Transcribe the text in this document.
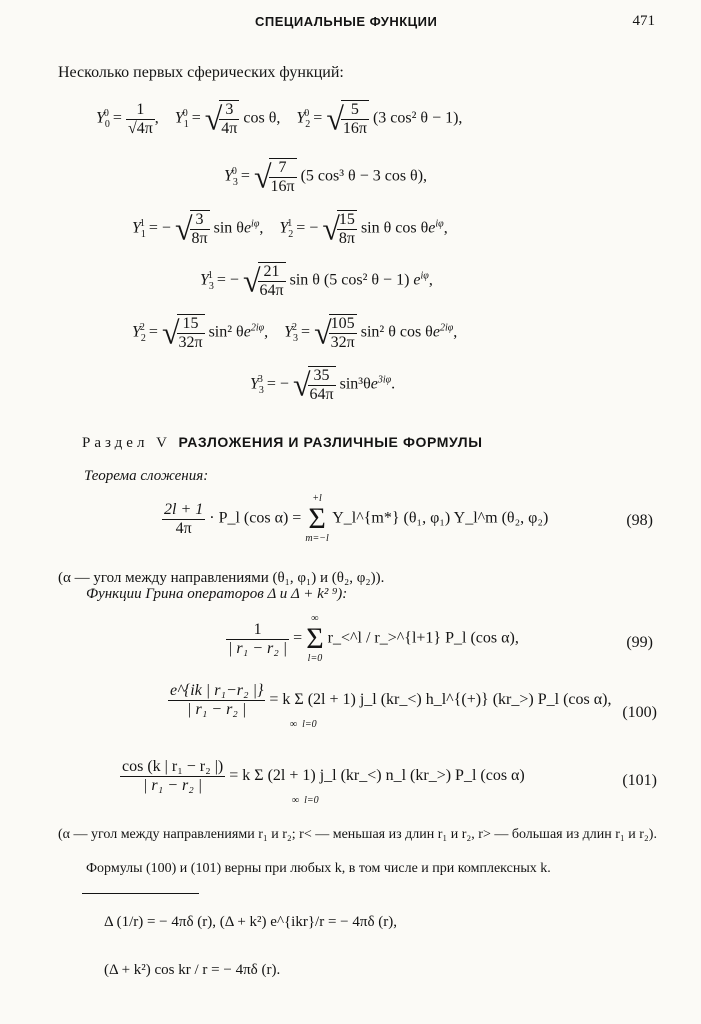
СПЕЦИАЛЬНЫЕ ФУНКЦИИ	471
Несколько первых сферических функций:
$Y_0^0 = \frac{1}{√4\pi}$ ,    $Y_1^0$ = √
$\frac{3}{4\pi}$ cos θ,    $Y_2^0$ = √
$\frac{5}{16\pi} (3$ cos² θ − 1),
$Y_3^0$ = √
$\frac{7}{16\pi} (5$ cos³ θ − 3 cos θ),
$Y_1^1$ = − √
$\frac{3}{8\pi}$ $\sin \theta e^{i\varphi}$,    $Y_2^1$ = − √
$\frac{15}{8\pi}$ sin θ $\cos \theta e^{i\varphi}$,
$Y_3^1$ = − √
$\frac{21}{64\pi}$ sin θ (5 cos² θ − 1) $e^{i\varphi}$,
$Y_2^2$ = √
$\frac{15}{32\pi} \sin^2$ $\theta e^{2i\varphi}$,    $Y_3^2$ = √
$\frac{105}{32\pi} \sin^2$ θ $\cos \theta e^{2i\varphi}$,
$Y_3^3$ = − √
$\frac{35}{64\pi} \sin^3\theta e^{3i\varphi}$.
Раздел V РАЗЛОЖЕНИЯ И РАЗЛИЧНЫЕ ФОРМУЛЫ
Теорема сложения:
$\frac{2l + 1}{4\pi}$ · P_l (cos α) =
+l
Σ
m=−l
Y_l^{m*} (θ₁, φ₁) Y_l^m (θ₂, φ₂)	(98)
(α — угол между направлениями (θ₁, φ₁) и (θ₂, φ₂)).
Функции Грина операторов Δ и Δ + k² ⁹):
$\frac{1}{\text{| r₁ − r₂ |}}$ =
∞
Σ
l=0
r_<^l / r_>^{l+1} P_l (cos α),	(99)
$\frac{\text{e\textasciicircum{}\{ik | r₁−r₂ |\}}}{\text{| r₁ − r₂ |}} = k$ Σ (2l + 1) j_l (kr_<) h_l^{(+)} (kr_>) P_l (cos α),
∞ l=0
(100)
$\frac{\text{cos (k | r₁ − r₂ |)}}{\text{| r₁ − r₂ |}} = k$ Σ (2l + 1) j_l (kr_<) n_l (kr_>) P_l (cos α)
∞ l=0
(101)
(α — угол между направлениями r₁ и r₂; r< — меньшая из длин r₁ и r₂, r> — большая из длин r₁ и r₂).
Формулы (100) и (101) верны при любых k, в том числе и при комплексных k.
Δ (1/r) = − 4πδ (r), (Δ + k²) e^{ikr}/r = − 4πδ (r),
(Δ + k²) cos kr / r = − 4πδ (r).
